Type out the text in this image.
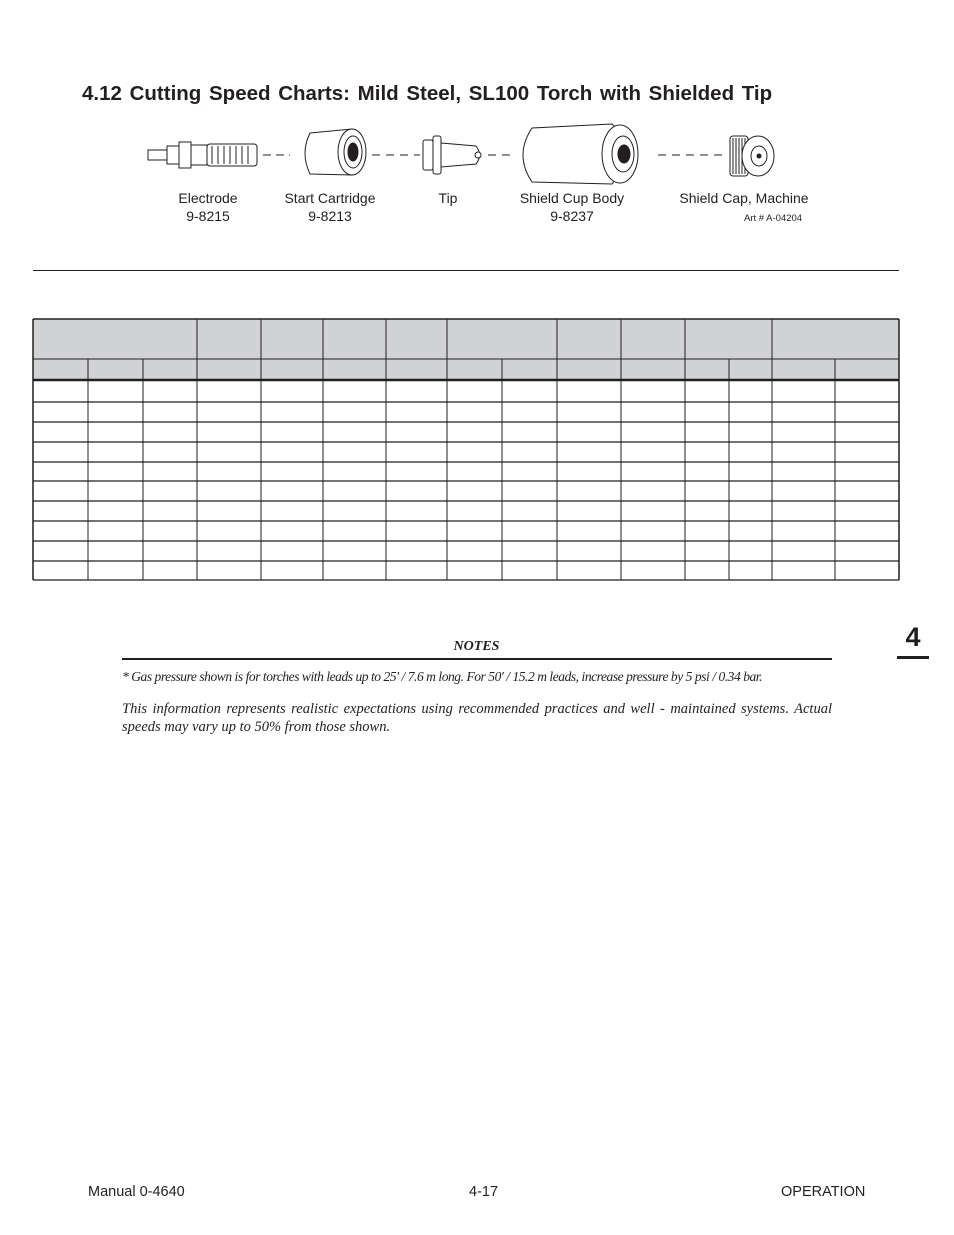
4.12 Cutting Speed Charts: Mild Steel, SL100 Torch with Shielded Tip
Electrode
9-8215
Start Cartridge
9-8213
Tip	Shield Cup Body
9-8237
Shield Cap, Machine
Art # A-04204
4
NOTES
* Gas pressure shown is for torches with leads up to 25' / 7.6 m long. For 50' / 15.2 m leads, increase pressure by 5 psi / 0.34 bar.
This information represents realistic expectations using recommended practices and well - maintained systems. Actual speeds may vary up to 50% from those shown.
Manual 0-4640	4-17	OPERATION
